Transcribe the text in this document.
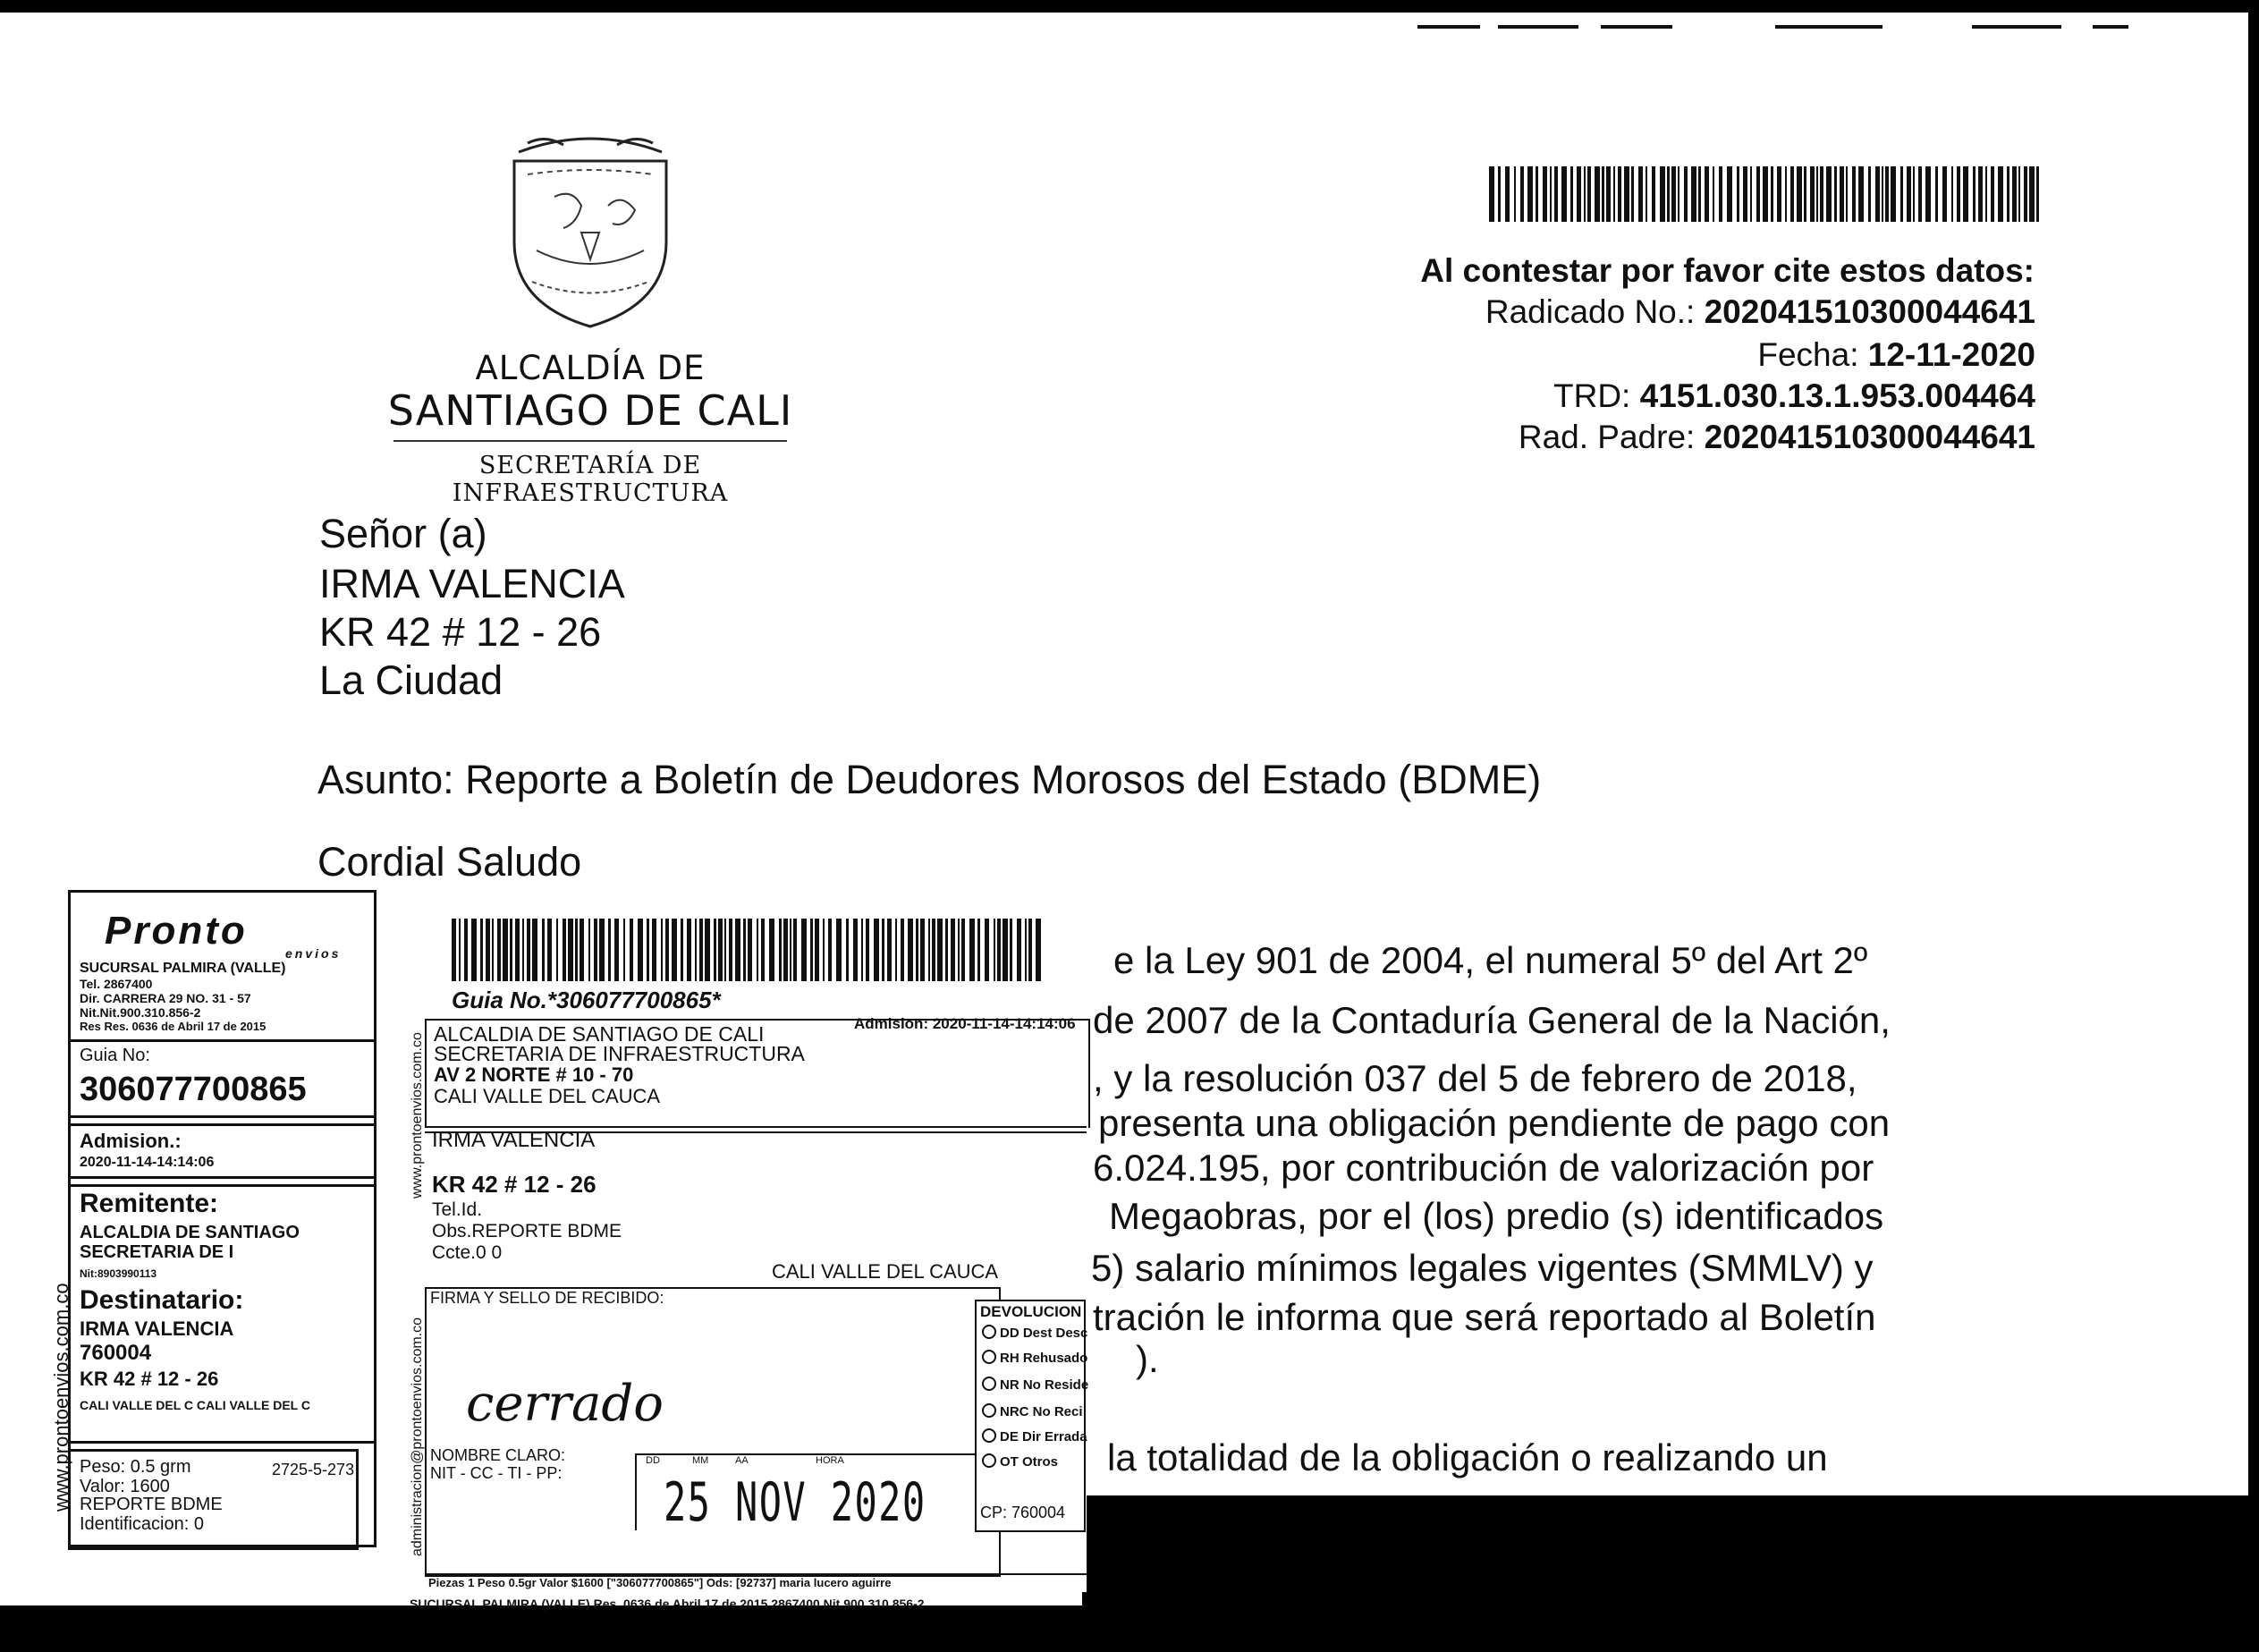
ALCALDÍA DE
SANTIAGO DE CALI
SECRETARÍA DE INFRAESTRUCTURA
Al contestar por favor cite estos datos:
Radicado No.: 202041510300044641
Fecha: 12-11-2020
TRD: 4151.030.13.1.953.004464
Rad. Padre: 202041510300044641
Señor (a)
IRMA VALENCIA
KR 42 # 12 - 26
La Ciudad
Asunto: Reporte a Boletín de Deudores Morosos del Estado (BDME)
Cordial Saludo
e la Ley 901 de 2004, el numeral 5º del Art 2º
de 2007 de la Contaduría General de la Nación,
, y la resolución 037 del 5 de febrero de 2018,
presenta una obligación pendiente de pago con
6.024.195, por contribución de valorización por
Megaobras, por el (los) predio (s) identificados
5) salario mínimos legales vigentes (SMMLV) y
tración le informa que será reportado al Boletín
).
la totalidad de la obligación o realizando un
Pronto
envios
SUCURSAL PALMIRA (VALLE)
Tel. 2867400
Dir. CARRERA 29 NO. 31 - 57
Nit.Nit.900.310.856-2
Res Res. 0636 de Abril 17 de 2015
Guia No:
306077700865
Admision.:
2020-11-14-14:14:06
Remitente:
ALCALDIA DE SANTIAGO
SECRETARIA DE I
Nit:8903990113
Destinatario:
IRMA VALENCIA
760004
KR 42 # 12 - 26
CALI VALLE DEL C CALI VALLE DEL C
Peso: 0.5 grm	2725-5-273
Valor: 1600
REPORTE BDME
Identificacion: 0
www.prontoenvios.com.co
Guia No.*306077700865*
Admision: 2020-11-14-14:14:06
ALCALDIA DE SANTIAGO DE CALI
SECRETARIA DE INFRAESTRUCTURA
AV 2 NORTE # 10 - 70
CALI VALLE DEL CAUCA
IRMA VALENCIA
KR 42 # 12 - 26
Tel.Id.
Obs.REPORTE BDME
Ccte.0 0
CALI VALLE DEL CAUCA
FIRMA Y SELLO DE RECIBIDO:
cerrado
NOMBRE CLARO:
NIT - CC - TI - PP:
DD	MM	AA	HORA
25 NOV 2020
DEVOLUCION
DD Dest Desc
RH Rehusado
NR No Reside
NRC No Reci
DE Dir Errada
OT Otros
CP: 760004
Piezas 1 Peso 0.5gr Valor $1600 ["306077700865"] Ods: [92737] maria lucero aguirre
SUCURSAL PALMIRA (VALLE) Res. 0636 de Abril 17 de 2015 2867400 Nit.900.310.856-2
www.prontoenvios.com.co
administracion@prontoenvios.com.co
